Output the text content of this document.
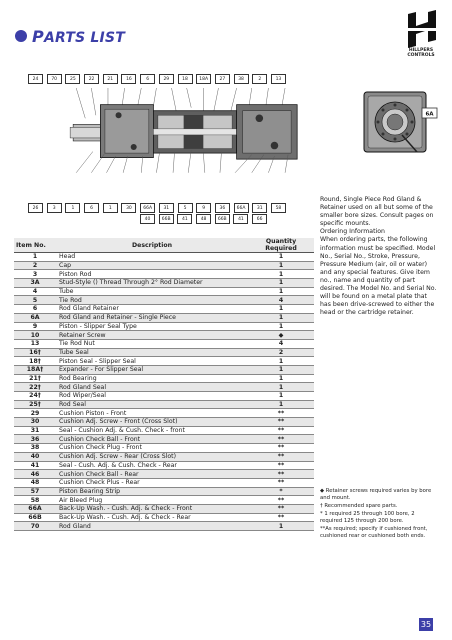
PARTS LIST
HILLPERS
CONTROLS
24	70	25	22	21	16	6	29	18	18A	27	38	2	13
26	3	1	6	1	30	66A	31	5	9	36	66A	31	58
40	66B	41	48	66B	41	66
6A
Item No.	Description	Quantity Required
1	Head	1
2	Cap	1
3	Piston Rod	1
3A	Stud-Style () Thread Through 2° Rod Diameter	1
4	Tube	1
5	Tie Rod	4
6	Rod Gland Retainer	1
6A	Rod Gland and Retainer - Single Piece	1
9	Piston - Slipper Seal Type	1
10	Retainer Screw	◆
13	Tie Rod Nut	4
16†	Tube Seal	2
18†	Piston Seal - Slipper Seal	1
18A†	Expander - For Slipper Seal	1
21†	Rod Bearing	1
22†	Rod Gland Seal	1
24†	Rod Wiper/Seal	1
25†	Rod Seal	1
29	Cushion Piston - Front	**
30	Cushion Adj. Screw - Front (Cross Slot)	**
31	Seal - Cushion Adj. & Cush. Check - front	**
36	Cushion Check Ball - Front	**
38	Cushion Check Plug - Front	**
40	Cushion Adj. Screw - Rear (Cross Slot)	**
41	Seal - Cush. Adj. & Cush. Check - Rear	**
46	Cushion Check Ball - Rear	**
48	Cushion Check Plus - Rear	**
57	Piston Bearing Strip	*
58	Air Bleed Plug	**
66A	Back-Up Wash. - Cush. Adj. & Check - Front	**
66B	Back-Up Wash. - Cush. Adj. & Check - Rear	**
70	Rod Gland	1

Round, Single Piece Rod Gland & Retainer used on all but some of the smaller bore sizes. Consult pages on specific mounts.

Ordering Information

When ordering parts, the following information must be specified. Model No., Serial No., Stroke, Pressure, Pressure Medium (air, oil or water) and any special features. Give item no., name and quantity of part desired. The Model No. and Serial No. will be found on a metal plate that has been drive-screwed to either the head or the cartridge retainer.

◆ Retainer screws required varies by bore and mount.
† Recommended spare parts.
* 1 required 25 through 100 bore, 2 required 125 through 200 bore.
**As required; specify if cushioned front, cushioned rear or cushioned both ends.
35
